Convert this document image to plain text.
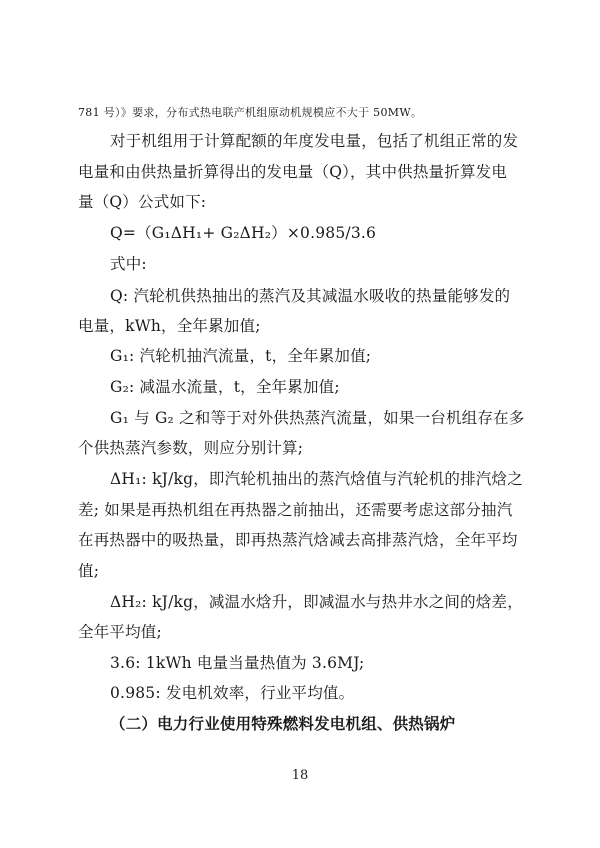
781 号）》要求，分布式热电联产机组原动机规模应不大于 50MW。
对于机组用于计算配额的年度发电量，包括了机组正常的发
电量和由供热量折算得出的发电量（Q），其中供热量折算发电
量（Q）公式如下:
Q=（G₁ΔH₁+ G₂ΔH₂）×0.985/3.6
式中:
Q: 汽轮机供热抽出的蒸汽及其减温水吸收的热量能够发的
电量，kWh，全年累加值;
G₁: 汽轮机抽汽流量，t，全年累加值;
G₂: 减温水流量，t，全年累加值;
G₁ 与 G₂ 之和等于对外供热蒸汽流量，如果一台机组存在多
个供热蒸汽参数，则应分别计算;
ΔH₁: kJ/kg，即汽轮机抽出的蒸汽焓值与汽轮机的排汽焓之
差; 如果是再热机组在再热器之前抽出，还需要考虑这部分抽汽
在再热器中的吸热量，即再热蒸汽焓减去高排蒸汽焓，全年平均
值;
ΔH₂: kJ/kg，减温水焓升，即减温水与热井水之间的焓差，
全年平均值;
3.6: 1kWh 电量当量热值为 3.6MJ;
0.985: 发电机效率，行业平均值。
（二）电力行业使用特殊燃料发电机组、供热锅炉
18
